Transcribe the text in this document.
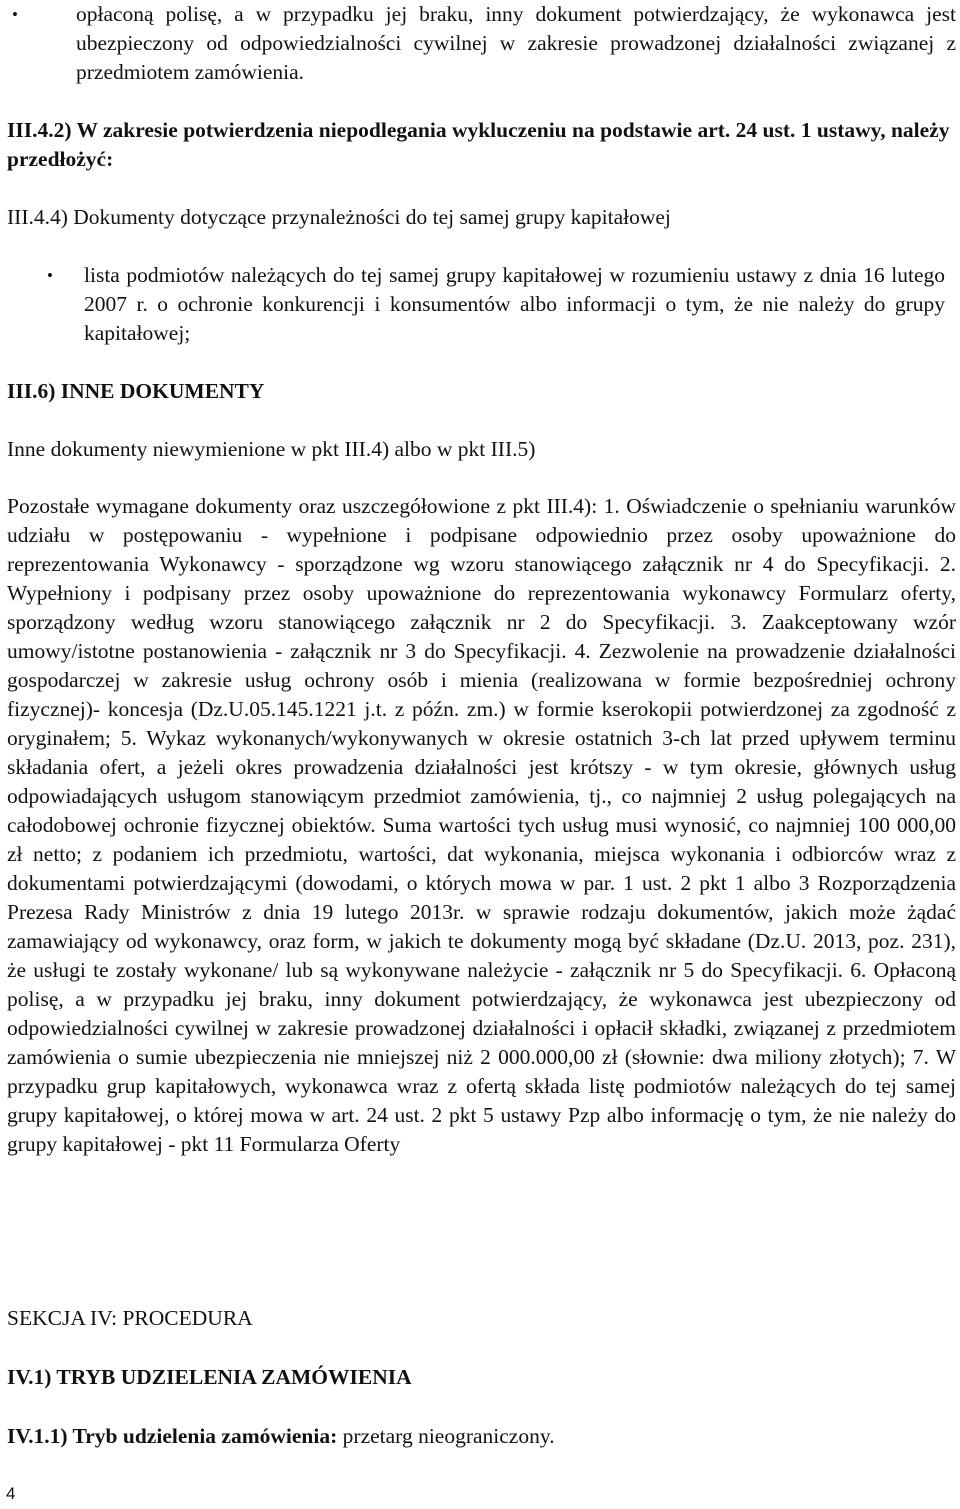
•	opłaconą polisę, a w przypadku jej braku, inny dokument potwierdzający, że wykonawca jest ubezpieczony od odpowiedzialności cywilnej w zakresie prowadzonej działalności związanej z przedmiotem zamówienia.

III.4.2) W zakresie potwierdzenia niepodlegania wykluczeniu na podstawie art. 24 ust. 1 ustawy, należy przedłożyć:

III.4.4) Dokumenty dotyczące przynależności do tej samej grupy kapitałowej

• lista podmiotów należących do tej samej grupy kapitałowej w rozumieniu ustawy z dnia 16 lutego 2007 r. o ochronie konkurencji i konsumentów albo informacji o tym, że nie należy do grupy kapitałowej;

III.6) INNE DOKUMENTY

Inne dokumenty niewymienione w pkt III.4) albo w pkt III.5)

Pozostałe wymagane dokumenty oraz uszczegółowione z pkt III.4): 1. Oświadczenie o spełnianiu warunków udziału w postępowaniu - wypełnione i podpisane odpowiednio przez osoby upoważnione do reprezentowania Wykonawcy - sporządzone wg wzoru stanowiącego załącznik nr 4 do Specyfikacji. 2. Wypełniony i podpisany przez osoby upoważnione do reprezentowania wykonawcy Formularz oferty, sporządzony według wzoru stanowiącego załącznik nr 2 do Specyfikacji. 3. Zaakceptowany wzór umowy/istotne postanowienia - załącznik nr 3 do Specyfikacji. 4. Zezwolenie na prowadzenie działalności gospodarczej w zakresie usług ochrony osób i mienia (realizowana w formie bezpośredniej ochrony fizycznej)- koncesja (Dz.U.05.145.1221 j.t. z późn. zm.) w formie kserokopii potwierdzonej za zgodność z oryginałem; 5. Wykaz wykonanych/wykonywanych w okresie ostatnich 3-ch lat przed upływem terminu składania ofert, a jeżeli okres prowadzenia działalności jest krótszy - w tym okresie, głównych usług odpowiadających usługom stanowiącym przedmiot zamówienia, tj., co najmniej 2 usług polegających na całodobowej ochronie fizycznej obiektów. Suma wartości tych usług musi wynosić, co najmniej 100 000,00 zł netto; z podaniem ich przedmiotu, wartości, dat wykonania, miejsca wykonania i odbiorców wraz z dokumentami potwierdzającymi (dowodami, o których mowa w par. 1 ust. 2 pkt 1 albo 3 Rozporządzenia Prezesa Rady Ministrów z dnia 19 lutego 2013r. w sprawie rodzaju dokumentów, jakich może żądać zamawiający od wykonawcy, oraz form, w jakich te dokumenty mogą być składane (Dz.U. 2013, poz. 231), że usługi te zostały wykonane/ lub są wykonywane należycie - załącznik nr 5 do Specyfikacji. 6. Opłaconą polisę, a w przypadku jej braku, inny dokument potwierdzający, że wykonawca jest ubezpieczony od odpowiedzialności cywilnej w zakresie prowadzonej działalności i opłacił składki, związanej z przedmiotem zamówienia o sumie ubezpieczenia nie mniejszej niż 2 000.000,00 zł (słownie: dwa miliony złotych); 7. W przypadku grup kapitałowych, wykonawca wraz z ofertą składa listę podmiotów należących do tej samej grupy kapitałowej, o której mowa w art. 24 ust. 2 pkt 5 ustawy Pzp albo informację o tym, że nie należy do grupy kapitałowej - pkt 11 Formularza Oferty

SEKCJA IV: PROCEDURA

IV.1) TRYB UDZIELENIA ZAMÓWIENIA

IV.1.1) Tryb udzielenia zamówienia: przetarg nieograniczony.

4
